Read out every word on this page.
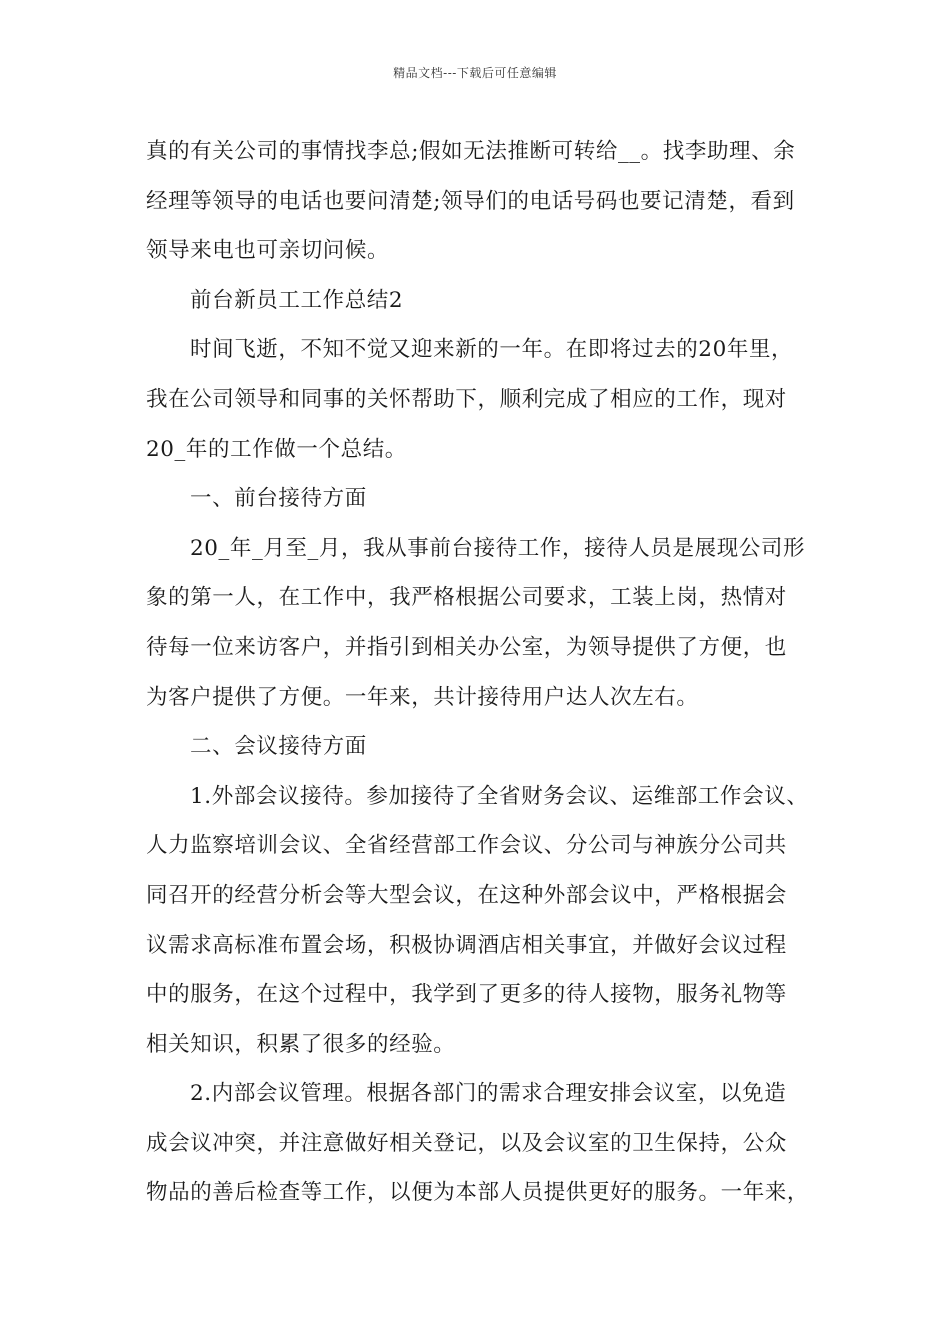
精品文档---下载后可任意编辑
真的有关公司的事情找李总;假如无法推断可转给__。找李助理、余
经理等领导的电话也要问清楚;领导们的电话号码也要记清楚，看到
领导来电也可亲切问候。
前台新员工工作总结2
时间飞逝，不知不觉又迎来新的一年。在即将过去的20年里，
我在公司领导和同事的关怀帮助下，顺利完成了相应的工作，现对
20_年的工作做一个总结。
一、前台接待方面
20_年_月至_月，我从事前台接待工作，接待人员是展现公司形
象的第一人，在工作中，我严格根据公司要求，工装上岗，热情对
待每一位来访客户，并指引到相关办公室，为领导提供了方便，也
为客户提供了方便。一年来，共计接待用户达人次左右。
二、会议接待方面
1.外部会议接待。参加接待了全省财务会议、运维部工作会议、
人力监察培训会议、全省经营部工作会议、分公司与神族分公司共
同召开的经营分析会等大型会议，在这种外部会议中，严格根据会
议需求高标准布置会场，积极协调酒店相关事宜，并做好会议过程
中的服务，在这个过程中，我学到了更多的待人接物，服务礼物等
相关知识，积累了很多的经验。
2.内部会议管理。根据各部门的需求合理安排会议室，以免造
成会议冲突，并注意做好相关登记，以及会议室的卫生保持，公众
物品的善后检查等工作，以便为本部人员提供更好的服务。一年来，
